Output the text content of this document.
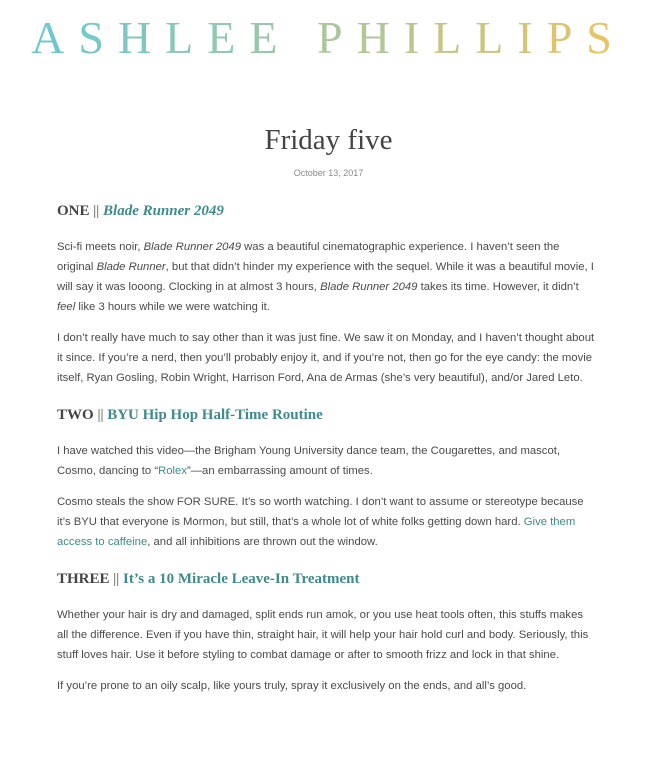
ASHLEE PHILLIPS
Friday five
October 13, 2017
ONE || Blade Runner 2049

Sci-fi meets noir, Blade Runner 2049 was a beautiful cinematographic experience. I haven’t seen the original Blade Runner, but that didn’t hinder my experience with the sequel. While it was a beautiful movie, I will say it was looong. Clocking in at almost 3 hours, Blade Runner 2049 takes its time. However, it didn’t feel like 3 hours while we were watching it.

I don’t really have much to say other than it was just fine. We saw it on Monday, and I haven’t thought about it since. If you’re a nerd, then you’ll probably enjoy it, and if you’re not, then go for the eye candy: the movie itself, Ryan Gosling, Robin Wright, Harrison Ford, Ana de Armas (she’s very beautiful), and/or Jared Leto.

TWO || BYU Hip Hop Half-Time Routine

I have watched this video—the Brigham Young University dance team, the Cougarettes, and mascot, Cosmo, dancing to “Rolex”—an embarrassing amount of times.

Cosmo steals the show FOR SURE. It’s so worth watching. I don’t want to assume or stereotype because it’s BYU that everyone is Mormon, but still, that’s a whole lot of white folks getting down hard. Give them access to caffeine, and all inhibitions are thrown out the window.

THREE || It’s a 10 Miracle Leave-In Treatment

Whether your hair is dry and damaged, split ends run amok, or you use heat tools often, this stuffs makes all the difference. Even if you have thin, straight hair, it will help your hair hold curl and body. Seriously, this stuff loves hair. Use it before styling to combat damage or after to smooth frizz and lock in that shine.

If you’re prone to an oily scalp, like yours truly, spray it exclusively on the ends, and all’s good.
